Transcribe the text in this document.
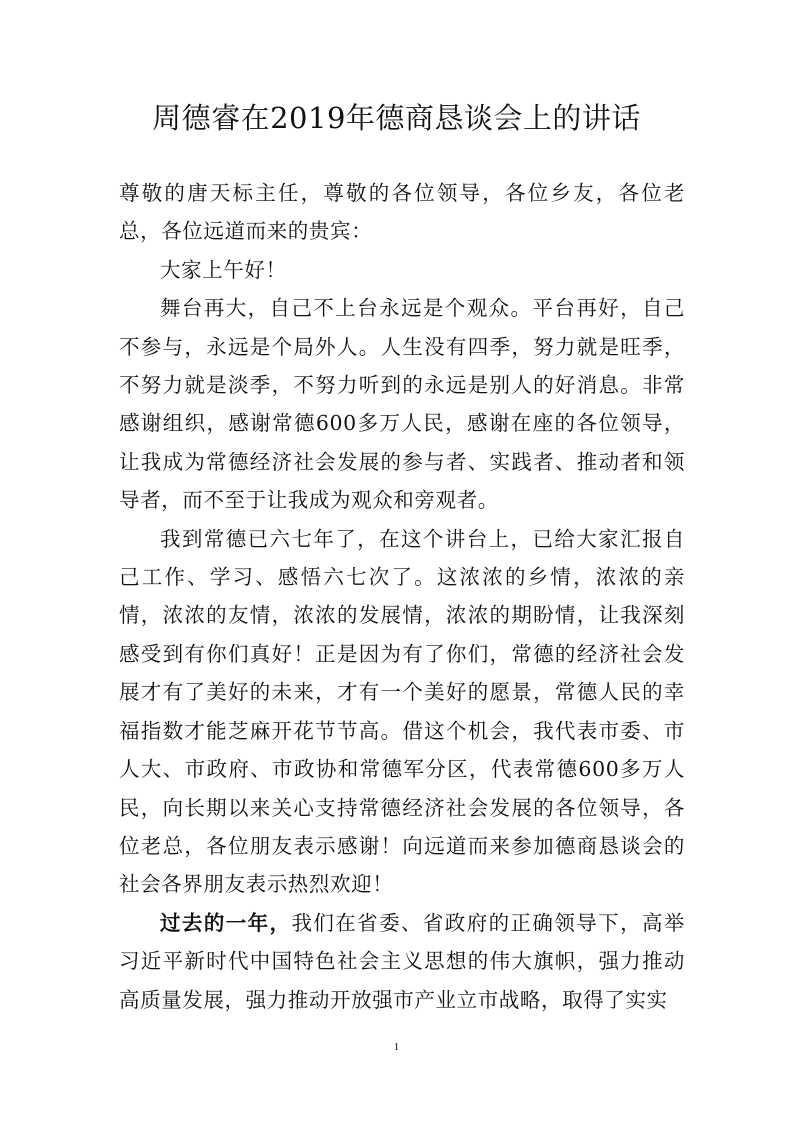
周德睿在2019年德商恳谈会上的讲话

尊敬的唐天标主任，尊敬的各位领导，各位乡友，各位老总，各位远道而来的贵宾：

大家上午好！

舞台再大，自己不上台永远是个观众。平台再好，自己不参与，永远是个局外人。人生没有四季，努力就是旺季，不努力就是淡季，不努力听到的永远是别人的好消息。非常感谢组织，感谢常德600多万人民，感谢在座的各位领导，让我成为常德经济社会发展的参与者、实践者、推动者和领导者，而不至于让我成为观众和旁观者。

我到常德已六七年了，在这个讲台上，已给大家汇报自己工作、学习、感悟六七次了。这浓浓的乡情，浓浓的亲情，浓浓的友情，浓浓的发展情，浓浓的期盼情，让我深刻感受到有你们真好！正是因为有了你们，常德的经济社会发展才有了美好的未来，才有一个美好的愿景，常德人民的幸福指数才能芝麻开花节节高。借这个机会，我代表市委、市人大、市政府、市政协和常德军分区，代表常德600多万人民，向长期以来关心支持常德经济社会发展的各位领导，各位老总，各位朋友表示感谢！向远道而来参加德商恳谈会的社会各界朋友表示热烈欢迎！

过去的一年，我们在省委、省政府的正确领导下，高举习近平新时代中国特色社会主义思想的伟大旗帜，强力推动高质量发展，强力推动开放强市产业立市战略，取得了实实

1
